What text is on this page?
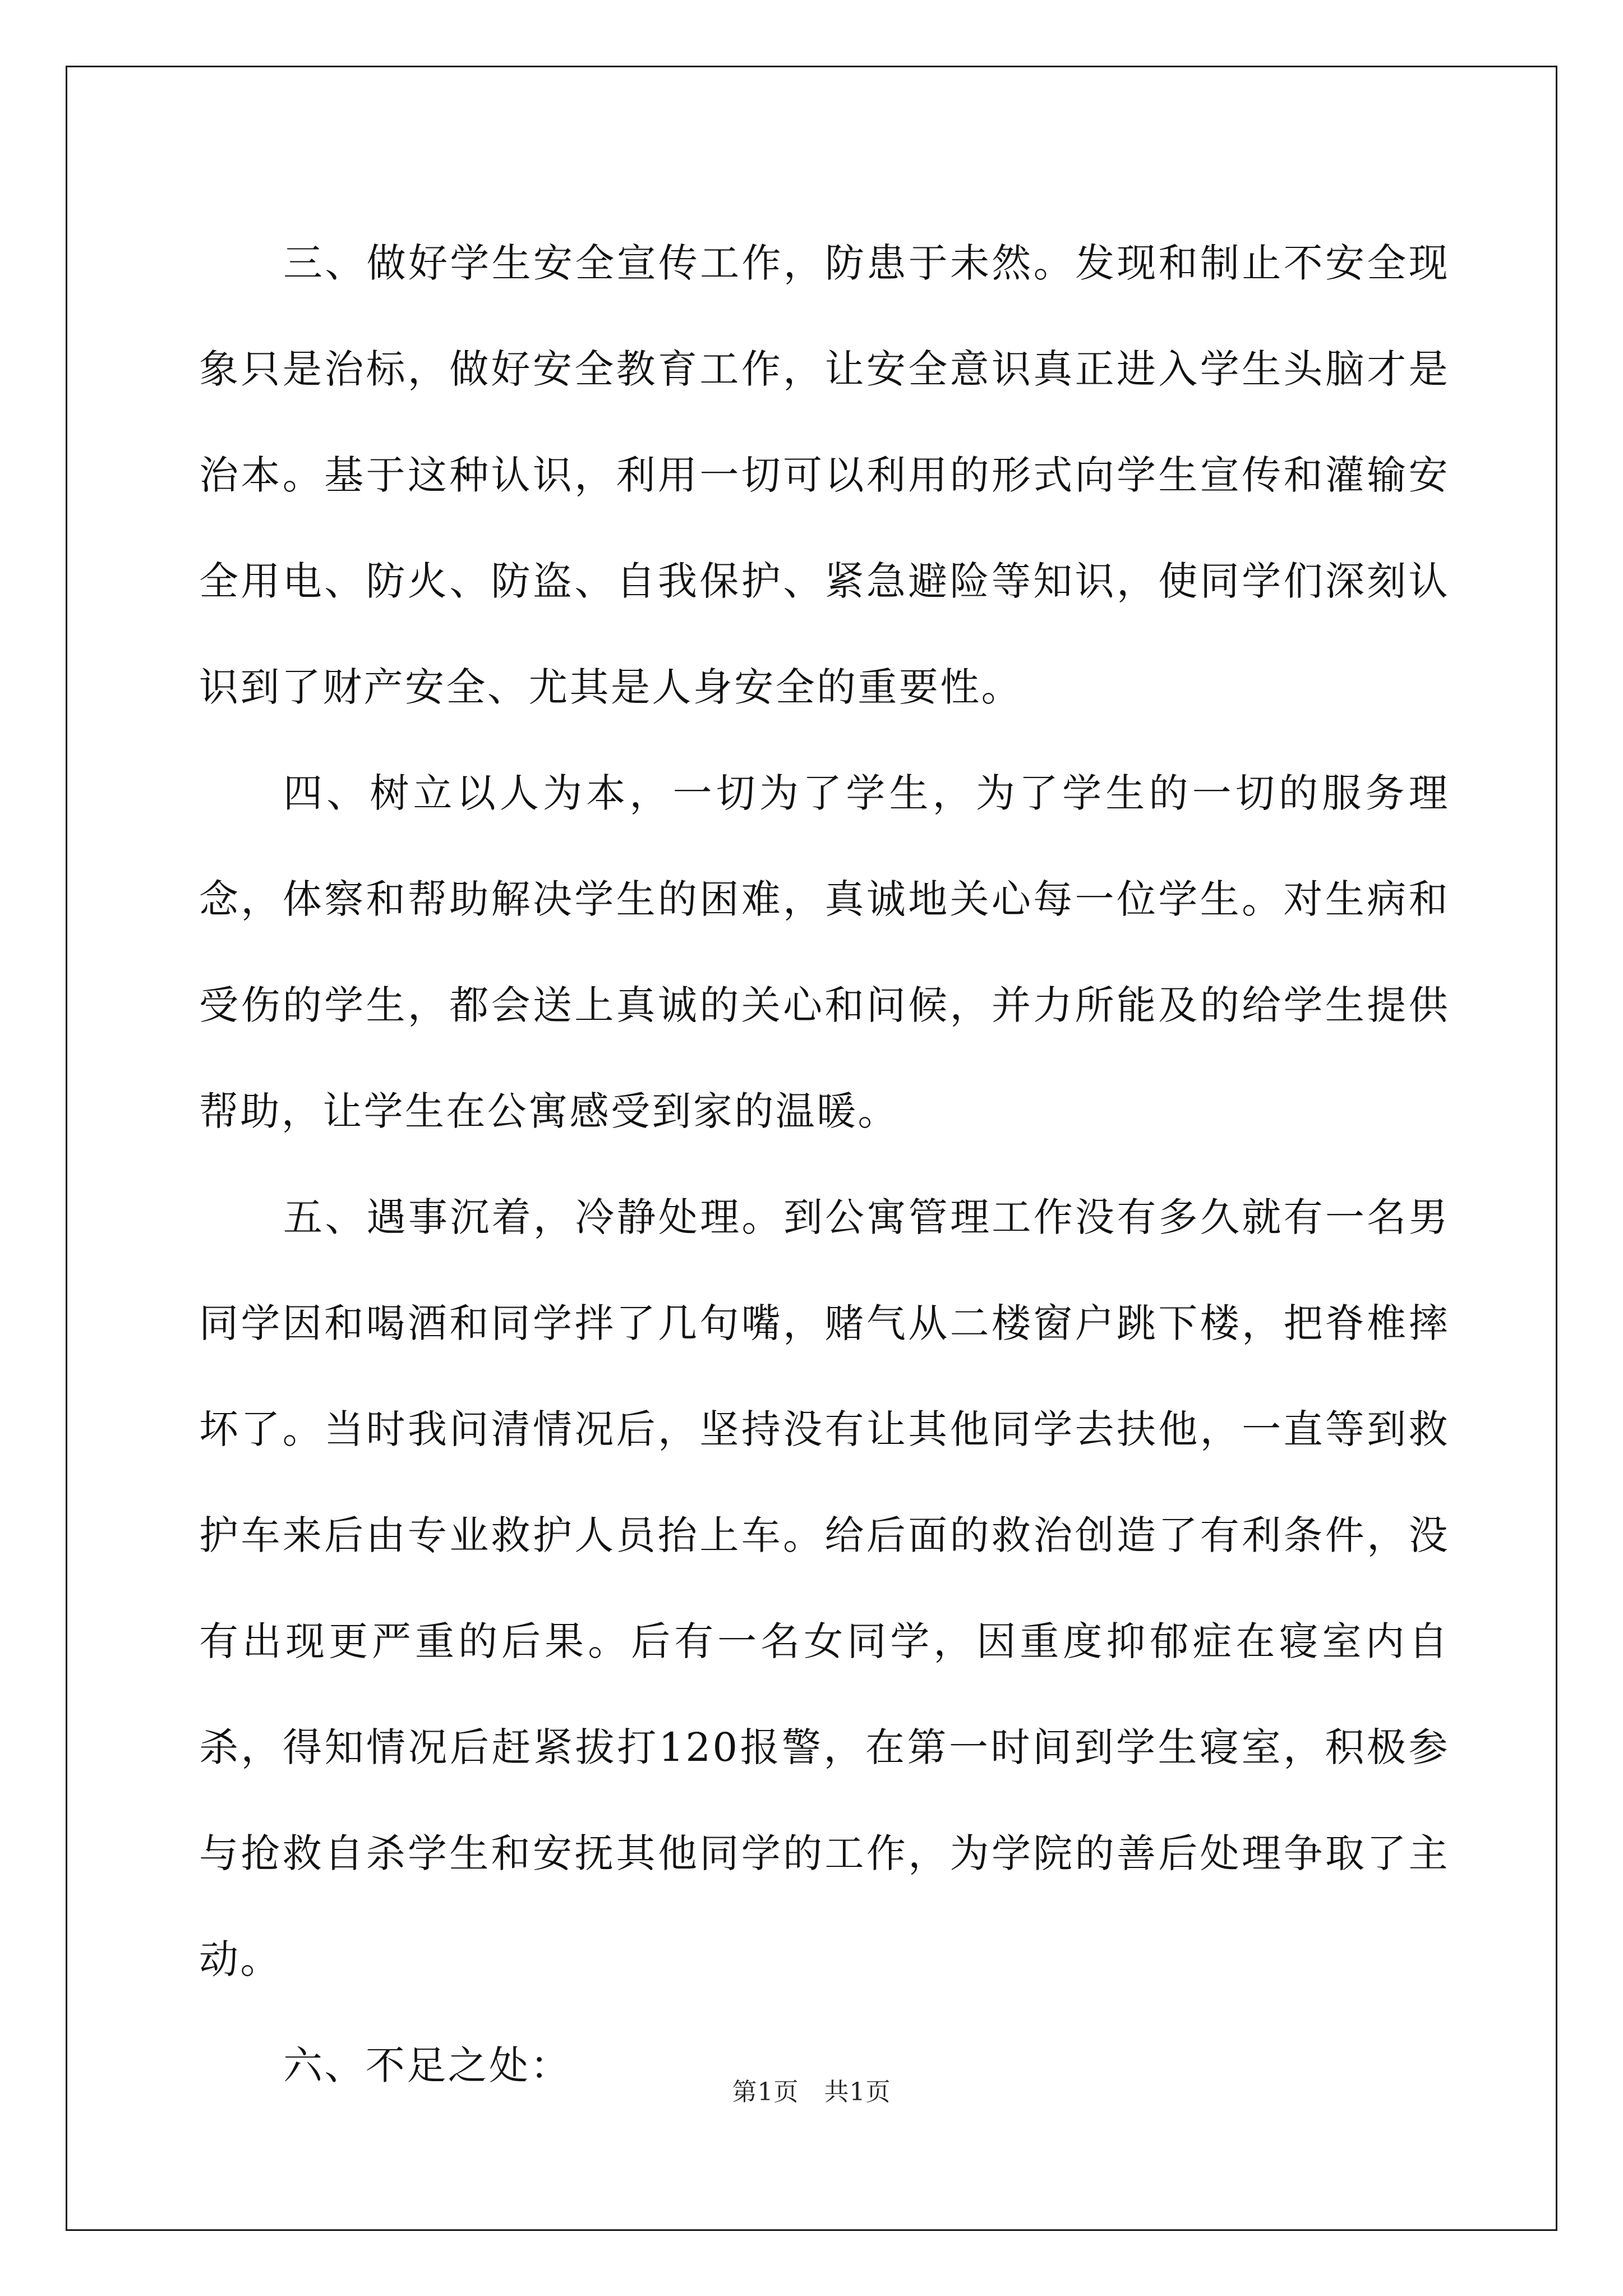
三、做好学生安全宣传工作，防患于未然。发现和制止不安全现象只是治标，做好安全教育工作，让安全意识真正进入学生头脑才是治本。基于这种认识，利用一切可以利用的形式向学生宣传和灌输安全用电、防火、防盗、自我保护、紧急避险等知识，使同学们深刻认识到了财产安全、尤其是人身安全的重要性。

四、树立以人为本，一切为了学生，为了学生的一切的服务理念，体察和帮助解决学生的困难，真诚地关心每一位学生。对生病和受伤的学生，都会送上真诚的关心和问候，并力所能及的给学生提供帮助，让学生在公寓感受到家的温暖。

五、遇事沉着，冷静处理。到公寓管理工作没有多久就有一名男同学因和喝酒和同学拌了几句嘴，赌气从二楼窗户跳下楼，把脊椎摔坏了。当时我问清情况后，坚持没有让其他同学去扶他，一直等到救护车来后由专业救护人员抬上车。给后面的救治创造了有利条件，没有出现更严重的后果。后有一名女同学，因重度抑郁症在寝室内自杀，得知情况后赶紧拔打120报警，在第一时间到学生寝室，积极参与抢救自杀学生和安抚其他同学的工作，为学院的善后处理争取了主动。

六、不足之处：

第1页　共1页
